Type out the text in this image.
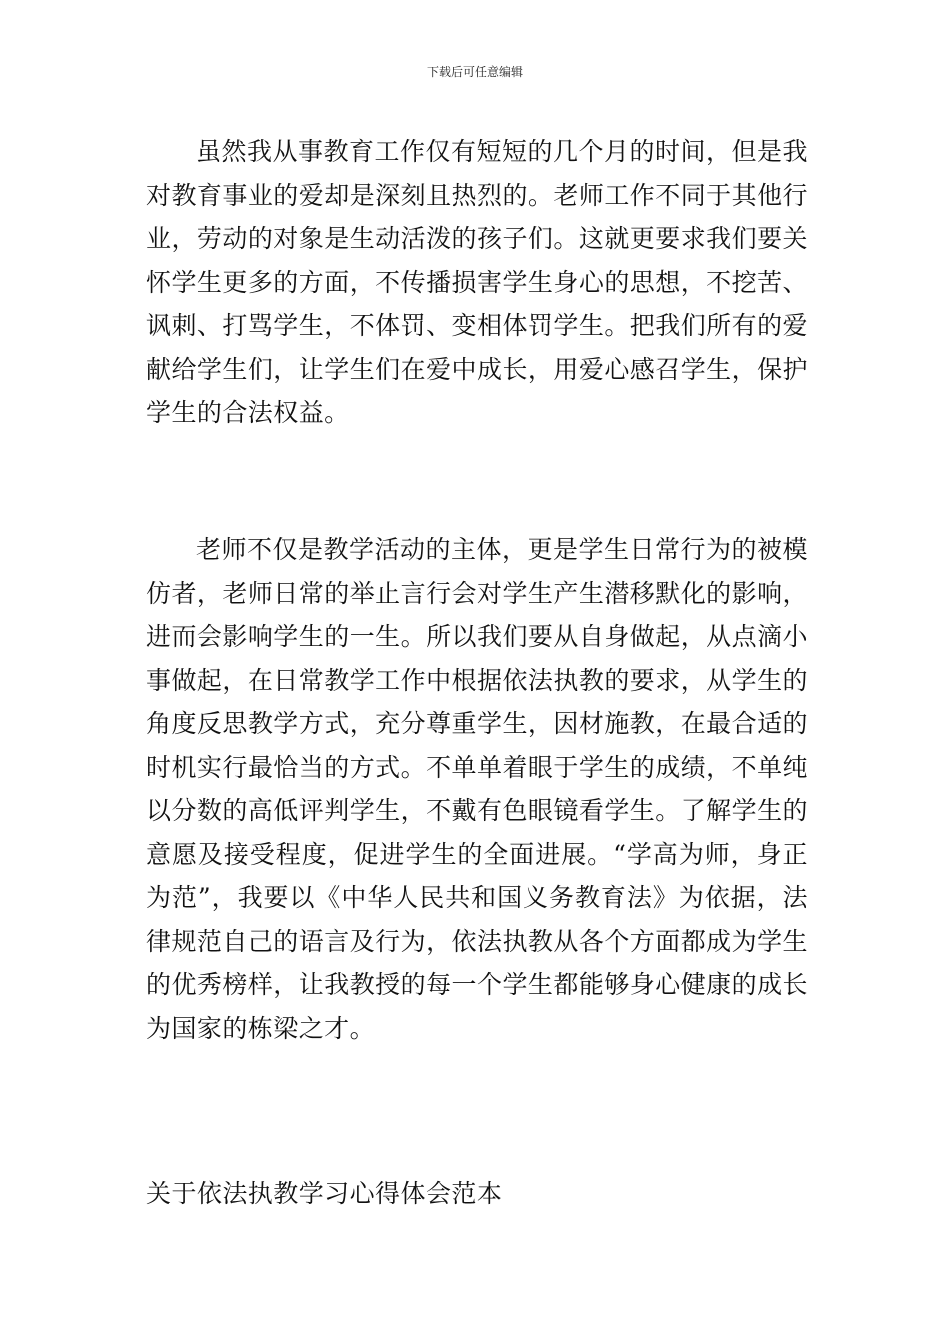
下载后可任意编辑

虽然我从事教育工作仅有短短的几个月的时间，但是我对教育事业的爱却是深刻且热烈的。老师工作不同于其他行业，劳动的对象是生动活泼的孩子们。这就更要求我们要关怀学生更多的方面，不传播损害学生身心的思想，不挖苦、讽刺、打骂学生，不体罚、变相体罚学生。把我们所有的爱献给学生们，让学生们在爱中成长，用爱心感召学生，保护学生的合法权益。

老师不仅是教学活动的主体，更是学生日常行为的被模仿者，老师日常的举止言行会对学生产生潜移默化的影响，进而会影响学生的一生。所以我们要从自身做起，从点滴小事做起，在日常教学工作中根据依法执教的要求，从学生的角度反思教学方式，充分尊重学生，因材施教，在最合适的时机实行最恰当的方式。不单单着眼于学生的成绩，不单纯以分数的高低评判学生，不戴有色眼镜看学生。了解学生的意愿及接受程度，促进学生的全面进展。“学高为师，身正为范”，我要以《中华人民共和国义务教育法》为依据，法律规范自己的语言及行为，依法执教从各个方面都成为学生的优秀榜样，让我教授的每一个学生都能够身心健康的成长为国家的栋梁之才。

关于依法执教学习心得体会范本
